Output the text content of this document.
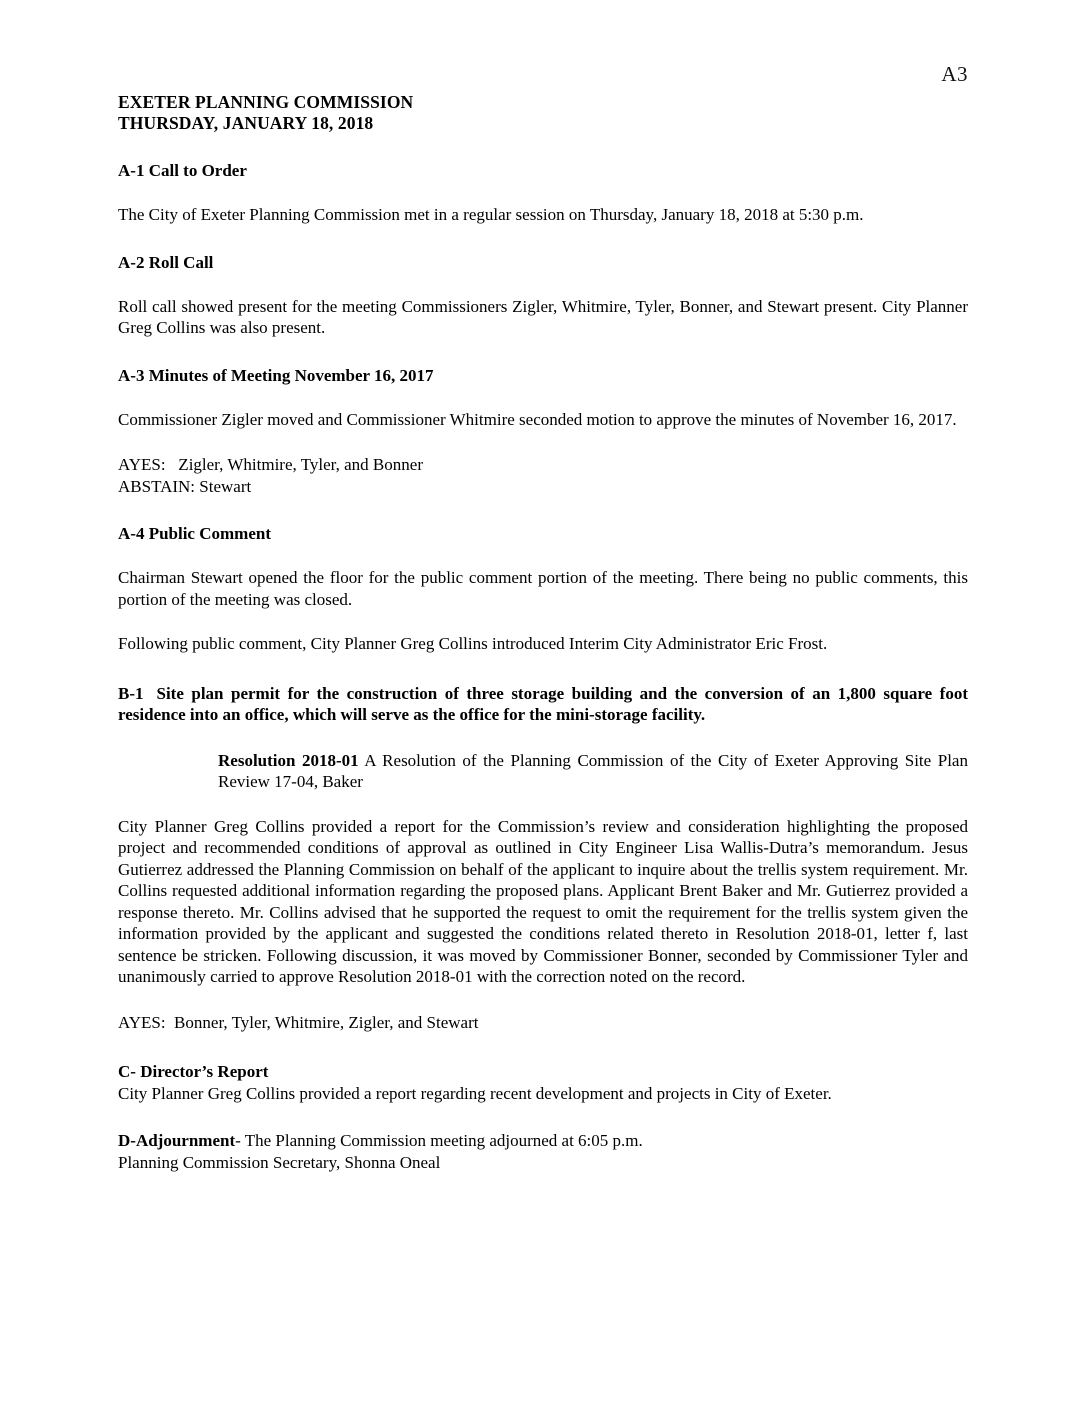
A3
EXETER PLANNING COMMISSION
THURSDAY, JANUARY 18, 2018
A-1 Call to Order

The City of Exeter Planning Commission met in a regular session on Thursday, January 18, 2018 at 5:30 p.m.

A-2 Roll Call

Roll call showed present for the meeting Commissioners Zigler, Whitmire, Tyler, Bonner, and Stewart present. City Planner Greg Collins was also present.

A-3 Minutes of Meeting November 16, 2017

Commissioner Zigler moved and Commissioner Whitmire seconded motion to approve the minutes of November 16, 2017.

AYES:   Zigler, Whitmire, Tyler, and Bonner
ABSTAIN: Stewart
A-4 Public Comment

Chairman Stewart opened the floor for the public comment portion of the meeting. There being no public comments, this portion of the meeting was closed.

Following public comment, City Planner Greg Collins introduced Interim City Administrator Eric Frost.

B-1 Site plan permit for the construction of three storage building and the conversion of an 1,800 square foot residence into an office, which will serve as the office for the mini-storage facility.
Resolution 2018-01 A Resolution of the Planning Commission of the City of Exeter Approving Site Plan Review 17-04, Baker

City Planner Greg Collins provided a report for the Commission’s review and consideration highlighting the proposed project and recommended conditions of approval as outlined in City Engineer Lisa Wallis-Dutra’s memorandum. Jesus Gutierrez addressed the Planning Commission on behalf of the applicant to inquire about the trellis system requirement. Mr. Collins requested additional information regarding the proposed plans. Applicant Brent Baker and Mr. Gutierrez provided a response thereto. Mr. Collins advised that he supported the request to omit the requirement for the trellis system given the information provided by the applicant and suggested the conditions related thereto in Resolution 2018-01, letter f, last sentence be stricken. Following discussion, it was moved by Commissioner Bonner, seconded by Commissioner Tyler and unanimously carried to approve Resolution 2018-01 with the correction noted on the record.

AYES:  Bonner, Tyler, Whitmire, Zigler, and Stewart
C- Director’s Report
City Planner Greg Collins provided a report regarding recent development and projects in City of Exeter.
D-Adjournment- The Planning Commission meeting adjourned at 6:05 p.m.
Planning Commission Secretary, Shonna Oneal
